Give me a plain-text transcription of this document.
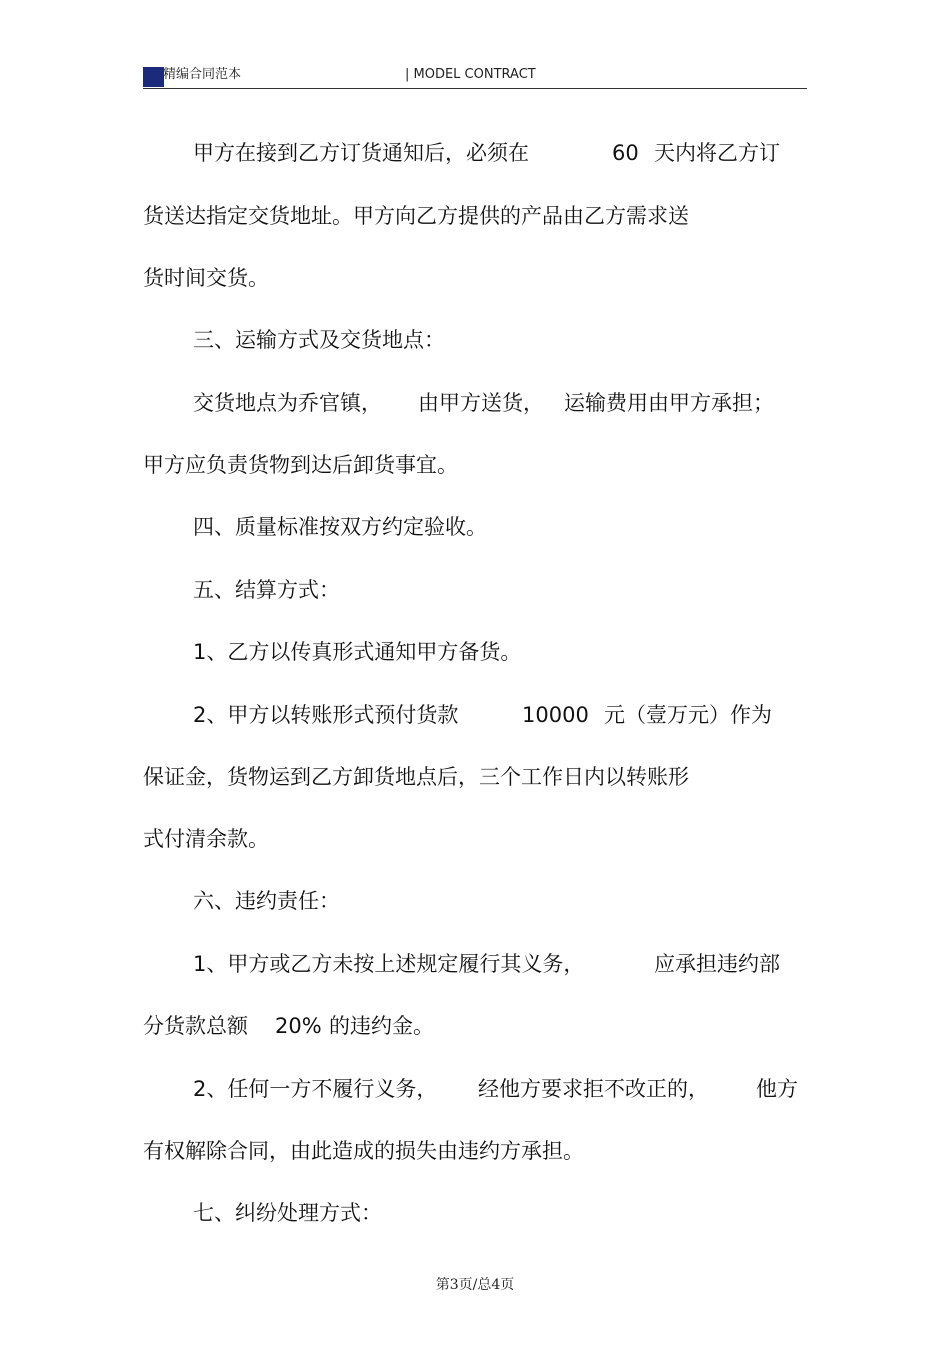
精编合同范本	| MODEL CONTRACT
甲方在接到乙方订货通知后，必须在	60 天内将乙方订
货送达指定交货地址。甲方向乙方提供的产品由乙方需求送
货时间交货。
三、运输方式及交货地点：
交货地点为乔官镇， 由甲方送货， 运输费用由甲方承担；
甲方应负责货物到达后卸货事宜。
四、质量标准按双方约定验收。
五、结算方式：
1、乙方以传真形式通知甲方备货。
2、甲方以转账形式预付货款	10000 元（壹万元）作为
保证金，货物运到乙方卸货地点后，三个工作日内以转账形
式付清余款。
六、违约责任：
1、甲方或乙方未按上述规定履行其义务，	应承担违约部
分货款总额 20% 的违约金。
2、任何一方不履行义务， 经他方要求拒不改正的， 他方
有权解除合同，由此造成的损失由违约方承担。
七、纠纷处理方式：
第3页/总4页
